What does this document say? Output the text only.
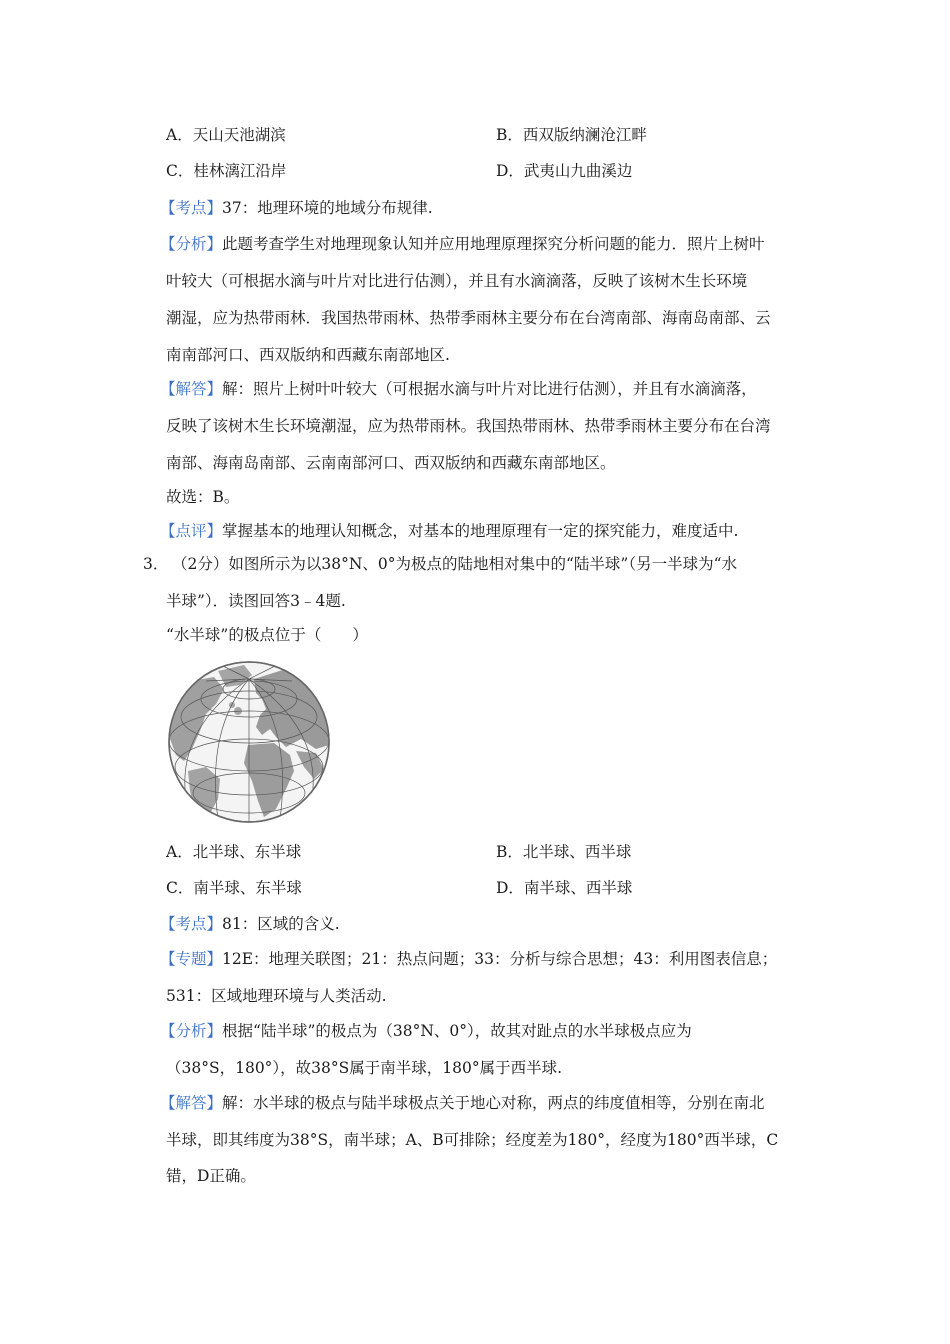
A．天山天池湖滨	B．西双版纳澜沧江畔
C．桂林漓江沿岸	D．武夷山九曲溪边
【考点】37：地理环境的地域分布规律.
【分析】此题考查学生对地理现象认知并应用地理原理探究分析问题的能力．照片上树叶
叶较大（可根据水滴与叶片对比进行估测），并且有水滴滴落，反映了该树木生长环境
潮湿，应为热带雨林．我国热带雨林、热带季雨林主要分布在台湾南部、海南岛南部、云
南南部河口、西双版纳和西藏东南部地区.
【解答】解：照片上树叶叶较大（可根据水滴与叶片对比进行估测），并且有水滴滴落，
反映了该树木生长环境潮湿，应为热带雨林。我国热带雨林、热带季雨林主要分布在台湾
南部、海南岛南部、云南南部河口、西双版纳和西藏东南部地区。
故选：B。
【点评】掌握基本的地理认知概念，对基本的地理原理有一定的探究能力，难度适中.
3． （2分）如图所示为以38°N、0°为极点的陆地相对集中的“陆半球”（另一半球为“水
半球”）．读图回答3﹣4题.
“水半球”的极点位于（　　）
A．北半球、东半球	B．北半球、西半球
C．南半球、东半球	D．南半球、西半球
【考点】81：区域的含义.
【专题】12E：地理关联图；21：热点问题；33：分析与综合思想；43：利用图表信息；
531：区域地理环境与人类活动.
【分析】根据“陆半球”的极点为（38°N、0°），故其对趾点的水半球极点应为
（38°S，180°），故38°S属于南半球，180°属于西半球.
【解答】解：水半球的极点与陆半球极点关于地心对称，两点的纬度值相等，分别在南北
半球，即其纬度为38°S，南半球；A、B可排除；经度差为180°，经度为180°西半球，C
错，D正确。
